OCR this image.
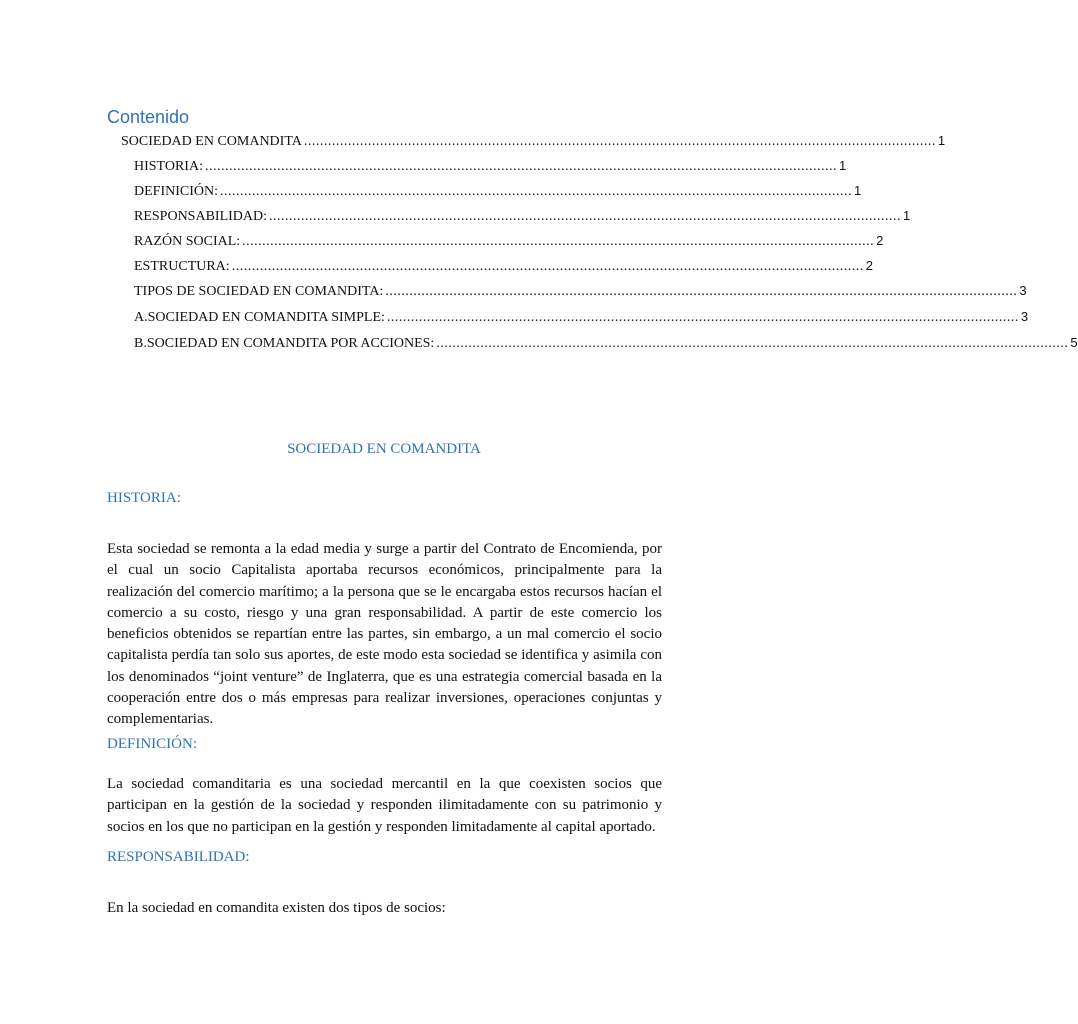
Contenido
SOCIEDAD EN COMANDITA .............................................................................................................................................................. 1
HISTORIA: .............................................................................................................................................................. 1
DEFINICIÓN: .............................................................................................................................................................. 1
RESPONSABILIDAD: .............................................................................................................................................................. 1
RAZÓN SOCIAL: .............................................................................................................................................................. 2
ESTRUCTURA: .............................................................................................................................................................. 2
TIPOS DE SOCIEDAD EN COMANDITA: .............................................................................................................................................................. 3
A. SOCIEDAD EN COMANDITA SIMPLE: .............................................................................................................................................................. 3
B. SOCIEDAD EN COMANDITA POR ACCIONES: .............................................................................................................................................................. 5
SOCIEDAD EN COMANDITA
HISTORIA:

Esta sociedad se remonta a la edad media y surge a partir del Contrato de Encomienda, por el cual un socio Capitalista aportaba recursos económicos, principalmente para la realización del comercio marítimo; a la persona que se le encargaba estos recursos hacían el comercio a su costo, riesgo y una gran responsabilidad. A partir de este comercio los beneficios obtenidos se repartían entre las partes, sin embargo, a un mal comercio el socio capitalista perdía tan solo sus aportes, de este modo esta sociedad se identifica y asimila con los denominados “joint venture” de Inglaterra, que es una estrategia comercial basada en la cooperación entre dos o más empresas para realizar inversiones, operaciones conjuntas y complementarias.

DEFINICIÓN:

La sociedad comanditaria es una sociedad mercantil en la que coexisten socios que participan en la gestión de la sociedad y responden ilimitadamente con su patrimonio y socios en los que no participan en la gestión y responden limitadamente al capital aportado.

RESPONSABILIDAD:

En la sociedad en comandita existen dos tipos de socios:
